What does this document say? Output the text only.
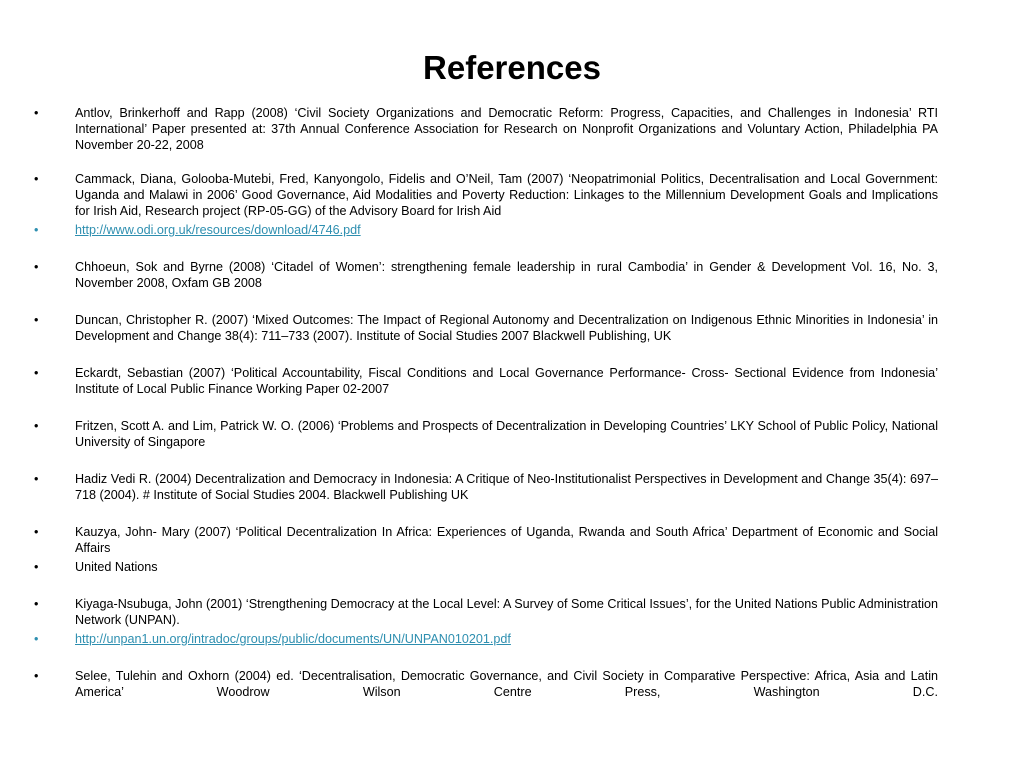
References
•	Antlov, Brinkerhoff and Rapp (2008) ‘Civil Society Organizations and Democratic Reform: Progress, Capacities, and Challenges in Indonesia’ RTI International’ Paper presented at: 37th Annual Conference Association for Research on Nonprofit Organizations and Voluntary Action, Philadelphia PA November 20-22, 2008
•	Cammack, Diana, Golooba-Mutebi, Fred, Kanyongolo, Fidelis and O’Neil, Tam (2007) ‘Neopatrimonial Politics, Decentralisation and Local Government: Uganda and Malawi in 2006’ Good Governance, Aid Modalities and Poverty Reduction: Linkages to the Millennium Development Goals and Implications for Irish Aid, Research project (RP-05-GG) of the Advisory Board for Irish Aid
•	http://www.odi.org.uk/resources/download/4746.pdf
•	Chhoeun, Sok and Byrne (2008) ‘Citadel of Women’: strengthening female leadership in rural Cambodia’ in Gender & Development Vol. 16, No. 3, November 2008, Oxfam GB 2008
•	Duncan, Christopher R. (2007) ‘Mixed Outcomes: The Impact of Regional Autonomy and Decentralization on Indigenous Ethnic Minorities in Indonesia’ in Development and Change 38(4): 711–733 (2007). Institute of Social Studies 2007 Blackwell Publishing, UK
•	Eckardt, Sebastian (2007) ‘Political Accountability, Fiscal Conditions and Local Governance Performance- Cross- Sectional Evidence from Indonesia’ Institute of Local Public Finance Working Paper 02-2007
•	Fritzen, Scott A. and Lim, Patrick W. O. (2006) ‘Problems and Prospects of Decentralization in Developing Countries’ LKY School of Public Policy, National University of Singapore
•	Hadiz Vedi R. (2004) Decentralization and Democracy in Indonesia: A Critique of Neo-Institutionalist Perspectives in Development and Change 35(4): 697–718 (2004). # Institute of Social Studies 2004. Blackwell Publishing UK
•	Kauzya, John- Mary (2007) ‘Political Decentralization In Africa: Experiences of Uganda, Rwanda and South Africa’ Department of Economic and Social Affairs
•	United Nations
•	Kiyaga-Nsubuga, John (2001) ‘Strengthening Democracy at the Local Level: A Survey of Some Critical Issues’, for the United Nations Public Administration Network (UNPAN).
•	http://unpan1.un.org/intradoc/groups/public/documents/UN/UNPAN010201.pdf
•	Selee, Tulehin and Oxhorn (2004) ed. ‘Decentralisation, Democratic Governance, and Civil Society in Comparative Perspective: Africa, Asia and Latin America’ Woodrow Wilson Centre Press, Washington D.C.
